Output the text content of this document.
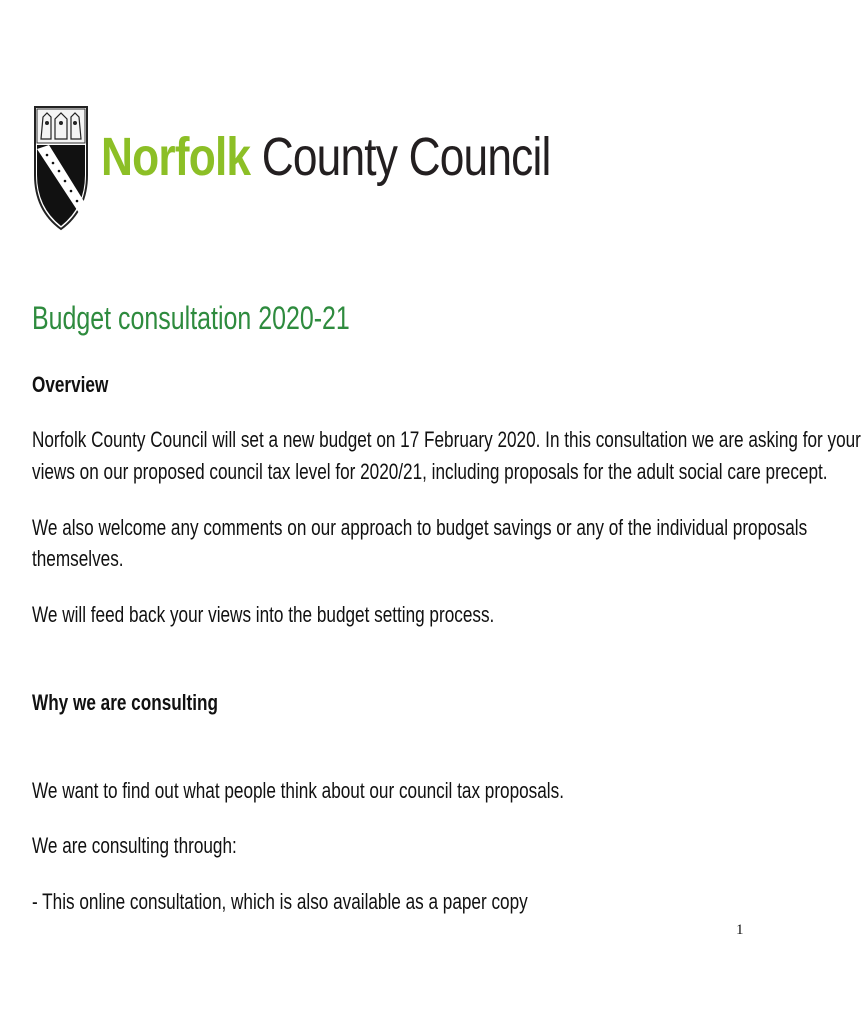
Norfolk County Council
Budget consultation 2020-21
Overview
Norfolk County Council will set a new budget on 17 February 2020. In this consultation we are asking for your
views on our proposed council tax level for 2020/21, including proposals for the adult social care precept.
We also welcome any comments on our approach to budget savings or any of the individual proposals
themselves.
We will feed back your views into the budget setting process.
Why we are consulting
We want to find out what people think about our council tax proposals.
We are consulting through:
- This online consultation, which is also available as a paper copy
1
